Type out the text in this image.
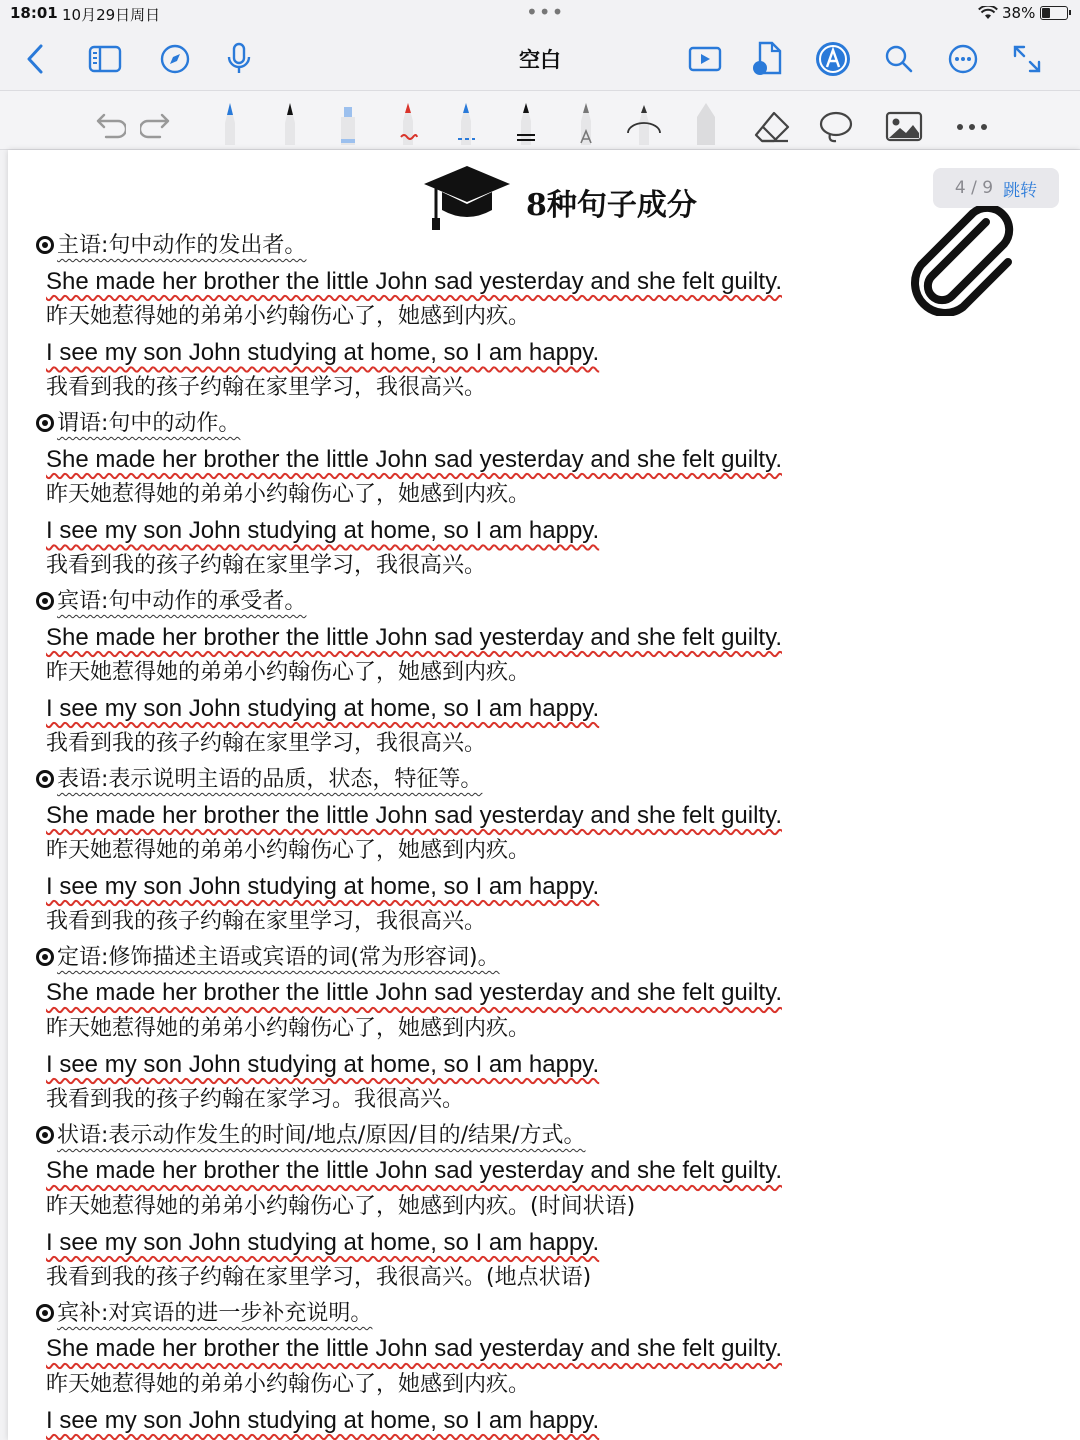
18:01 10月29日周日	•••	38%
空白
8种句子成分	4 / 9 跳转
主语:句中动作的发出者。
She made her brother the little John sad yesterday and she felt guilty.
昨天她惹得她的弟弟小约翰伤心了，她感到内疚。
I see my son John studying at home, so I am happy.
我看到我的孩子约翰在家里学习，我很高兴。
谓语:句中的动作。
She made her brother the little John sad yesterday and she felt guilty.
昨天她惹得她的弟弟小约翰伤心了，她感到内疚。
I see my son John studying at home, so I am happy.
我看到我的孩子约翰在家里学习，我很高兴。
宾语:句中动作的承受者。
She made her brother the little John sad yesterday and she felt guilty.
昨天她惹得她的弟弟小约翰伤心了，她感到内疚。
I see my son John studying at home, so I am happy.
我看到我的孩子约翰在家里学习，我很高兴。
表语:表示说明主语的品质，状态，特征等。
She made her brother the little John sad yesterday and she felt guilty.
昨天她惹得她的弟弟小约翰伤心了，她感到内疚。
I see my son John studying at home, so I am happy.
我看到我的孩子约翰在家里学习，我很高兴。
定语:修饰描述主语或宾语的词(常为形容词)。
She made her brother the little John sad yesterday and she felt guilty.
昨天她惹得她的弟弟小约翰伤心了，她感到内疚。
I see my son John studying at home, so I am happy.
我看到我的孩子约翰在家学习。我很高兴。
状语:表示动作发生的时间/地点/原因/目的/结果/方式。
She made her brother the little John sad yesterday and she felt guilty.
昨天她惹得她的弟弟小约翰伤心了，她感到内疚。(时间状语)
I see my son John studying at home, so I am happy.
我看到我的孩子约翰在家里学习，我很高兴。(地点状语)
宾补:对宾语的进一步补充说明。
She made her brother the little John sad yesterday and she felt guilty.
昨天她惹得她的弟弟小约翰伤心了，她感到内疚。
I see my son John studying at home, so I am happy.
